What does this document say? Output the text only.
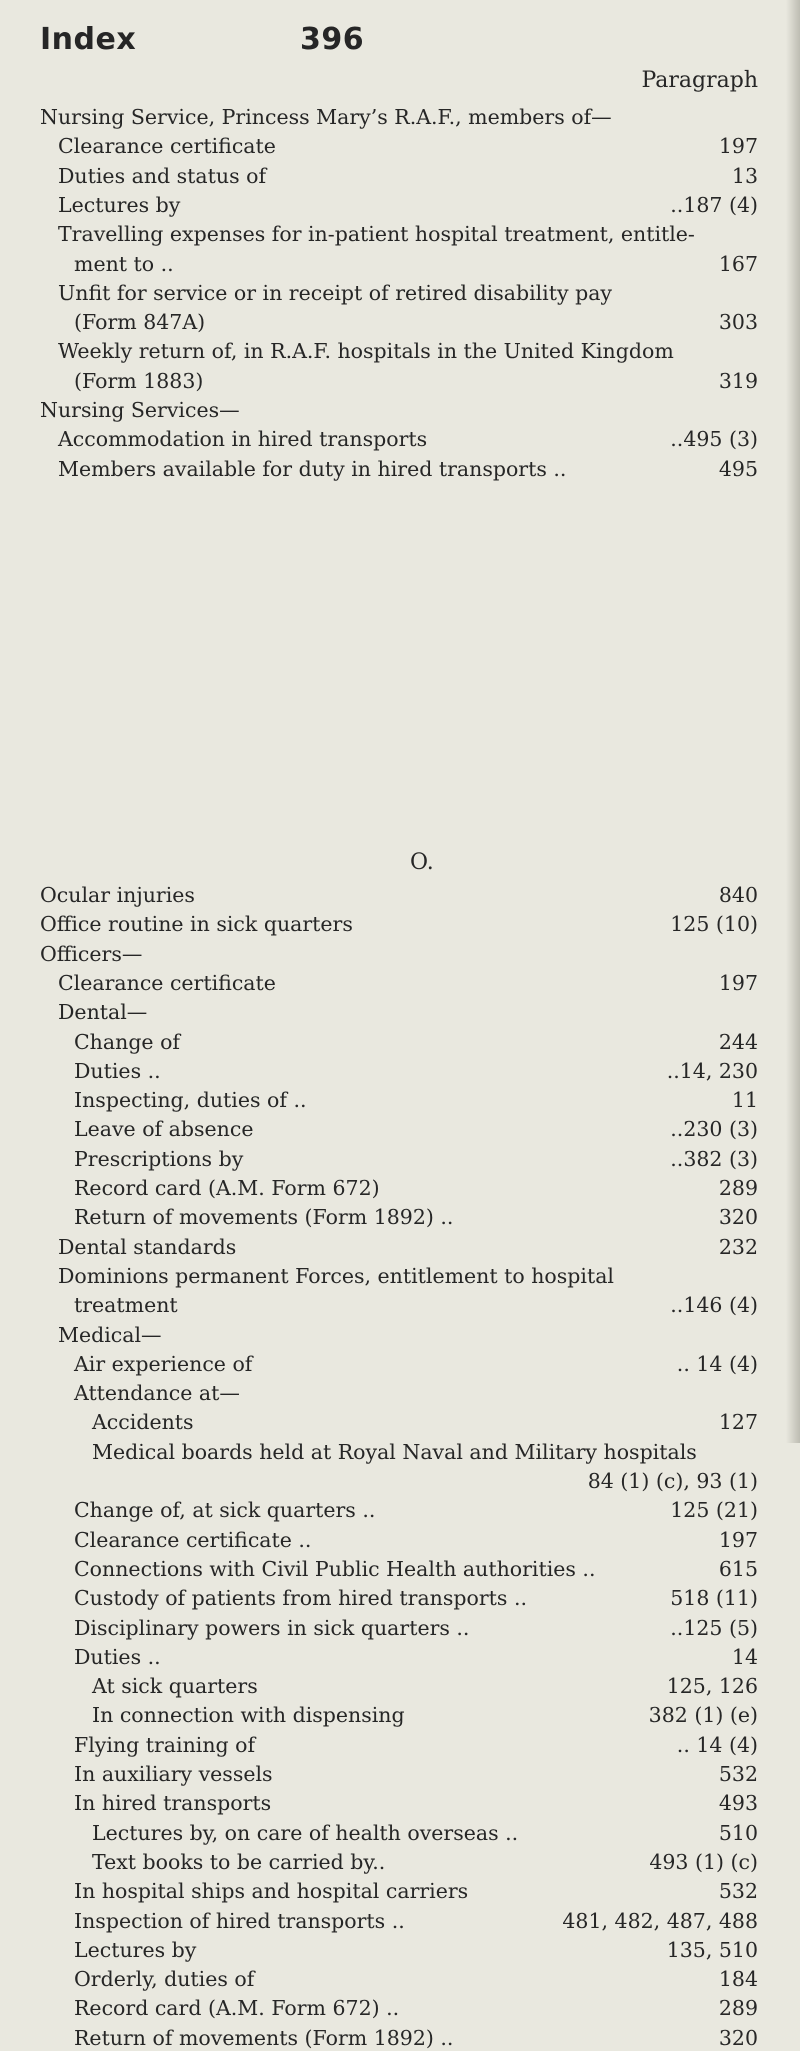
Index	396
Paragraph
Nursing Service, Princess Mary’s R.A.F., members of—
Clearance certificate	197
Duties and status of	13
Lectures by	..187 (4)
Travelling expenses for in-patient hospital treatment, entitle-
ment to ..	167
Unfit for service or in receipt of retired disability pay
(Form 847A)	303
Weekly return of, in R.A.F. hospitals in the United Kingdom
(Form 1883)	319
Nursing Services—
Accommodation in hired transports	..495 (3)
Members available for duty in hired transports ..	495
O.
Ocular injuries	840
Office routine in sick quarters	125 (10)
Officers—
Clearance certificate	197
Dental—
Change of	244
Duties ..	..14, 230
Inspecting, duties of ..	11
Leave of absence	..230 (3)
Prescriptions by	..382 (3)
Record card (A.M. Form 672)	289
Return of movements (Form 1892) ..	320
Dental standards	232
Dominions permanent Forces, entitlement to hospital
treatment	..146 (4)
Medical—
Air experience of	.. 14 (4)
Attendance at—
Accidents	127
Medical boards held at Royal Naval and Military hospitals
84 (1) (c), 93 (1)
Change of, at sick quarters ..	125 (21)
Clearance certificate ..	197
Connections with Civil Public Health authorities ..	615
Custody of patients from hired transports ..	518 (11)
Disciplinary powers in sick quarters ..	..125 (5)
Duties ..	14
At sick quarters	125, 126
In connection with dispensing	382 (1) (e)
Flying training of	.. 14 (4)
In auxiliary vessels	532
In hired transports	493
Lectures by, on care of health overseas ..	510
Text books to be carried by..	493 (1) (c)
In hospital ships and hospital carriers	532
Inspection of hired transports ..	481, 482, 487, 488
Lectures by	135, 510
Orderly, duties of	184
Record card (A.M. Form 672) ..	289
Return of movements (Form 1892) ..	320
